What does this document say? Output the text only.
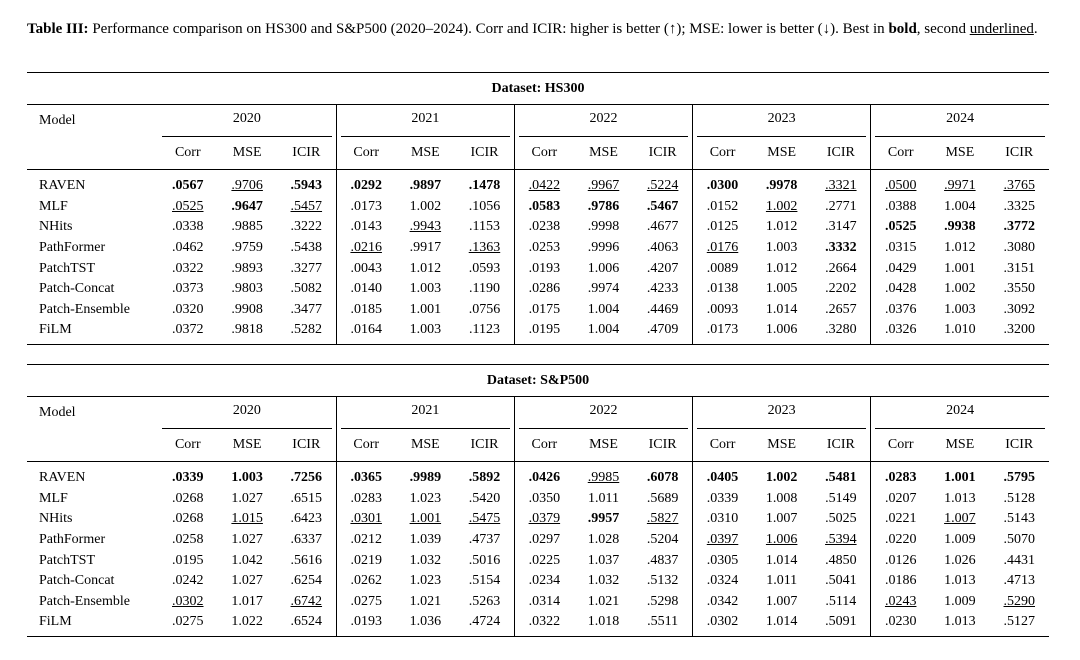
Table III: Performance comparison on HS300 and S&P500 (2020–2024). Corr and ICIR: higher is better (↑); MSE: lower is better (↓). Best in bold, second underlined.
Dataset: HS300															
Model	2020			2021			2022			2023			2024		

	Corr	MSE	ICIR	Corr	MSE	ICIR	Corr	MSE	ICIR	Corr	MSE	ICIR	Corr	MSE	ICIR
RAVEN	.0567	.9706	.5943	.0292	.9897	.1478	.0422	.9967	.5224	.0300	.9978	.3321	.0500	.9971	.3765
MLF	.0525	.9647	.5457	.0173	1.002	.1056	.0583	.9786	.5467	.0152	1.002	.2771	.0388	1.004	.3325
NHits	.0338	.9885	.3222	.0143	.9943	.1153	.0238	.9998	.4677	.0125	1.012	.3147	.0525	.9938	.3772
PathFormer	.0462	.9759	.5438	.0216	.9917	.1363	.0253	.9996	.4063	.0176	1.003	.3332	.0315	1.012	.3080
PatchTST	.0322	.9893	.3277	.0043	1.012	.0593	.0193	1.006	.4207	.0089	1.012	.2664	.0429	1.001	.3151
Patch-Concat	.0373	.9803	.5082	.0140	1.003	.1190	.0286	.9974	.4233	.0138	1.005	.2202	.0428	1.002	.3550
Patch-Ensemble	.0320	.9908	.3477	.0185	1.001	.0756	.0175	1.004	.4469	.0093	1.014	.2657	.0376	1.003	.3092
FiLM	.0372	.9818	.5282	.0164	1.003	.1123	.0195	1.004	.4709	.0173	1.006	.3280	.0326	1.010	.3200
Dataset: S&P500															
Model	2020			2021			2022			2023			2024		

	Corr	MSE	ICIR	Corr	MSE	ICIR	Corr	MSE	ICIR	Corr	MSE	ICIR	Corr	MSE	ICIR
RAVEN	.0339	1.003	.7256	.0365	.9989	.5892	.0426	.9985	.6078	.0405	1.002	.5481	.0283	1.001	.5795
MLF	.0268	1.027	.6515	.0283	1.023	.5420	.0350	1.011	.5689	.0339	1.008	.5149	.0207	1.013	.5128
NHits	.0268	1.015	.6423	.0301	1.001	.5475	.0379	.9957	.5827	.0310	1.007	.5025	.0221	1.007	.5143
PathFormer	.0258	1.027	.6337	.0212	1.039	.4737	.0297	1.028	.5204	.0397	1.006	.5394	.0220	1.009	.5070
PatchTST	.0195	1.042	.5616	.0219	1.032	.5016	.0225	1.037	.4837	.0305	1.014	.4850	.0126	1.026	.4431
Patch-Concat	.0242	1.027	.6254	.0262	1.023	.5154	.0234	1.032	.5132	.0324	1.011	.5041	.0186	1.013	.4713
Patch-Ensemble	.0302	1.017	.6742	.0275	1.021	.5263	.0314	1.021	.5298	.0342	1.007	.5114	.0243	1.009	.5290
FiLM	.0275	1.022	.6524	.0193	1.036	.4724	.0322	1.018	.5511	.0302	1.014	.5091	.0230	1.013	.5127
